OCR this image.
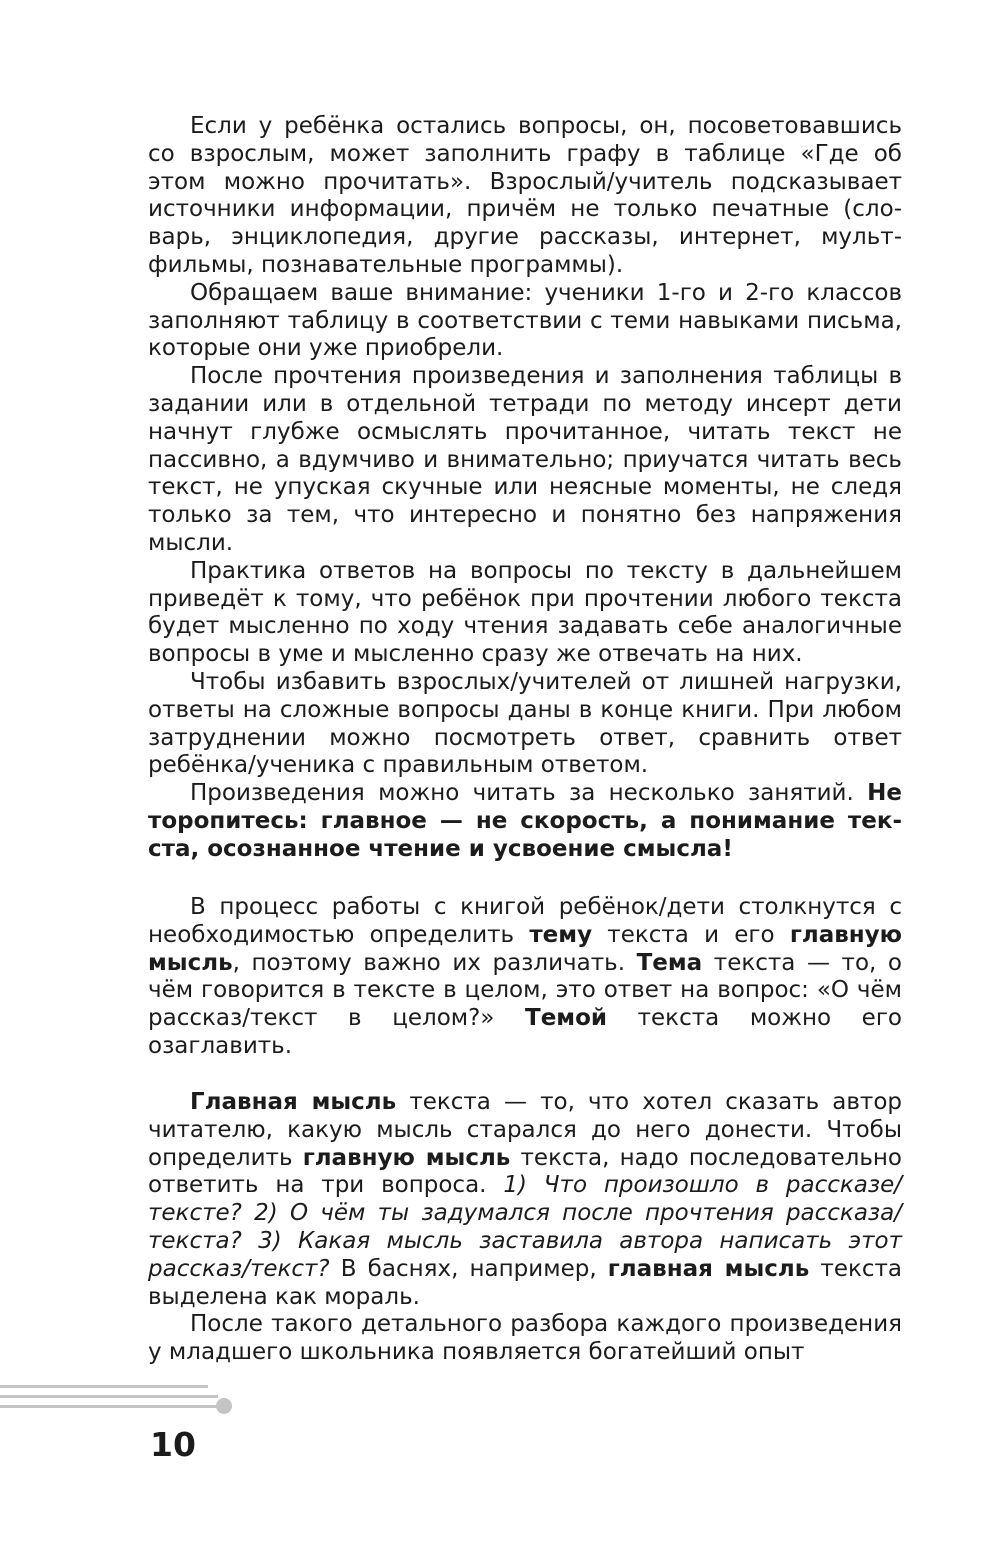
Если у ребёнка остались вопросы, он, посоветовавшись со взрослым, может заполнить графу в таблице «Где об этом можно прочитать». Взрослый/учитель подсказывает источники информации, причём не только печатные (словарь, энциклопедия, другие рассказы, интернет, мультфильмы, познавательные программы).

Обращаем ваше внимание: ученики 1-го и 2-го классов заполняют таблицу в соответствии с теми навыками письма, которые они уже приобрели.

После прочтения произведения и заполнения таблицы в задании или в отдельной тетради по методу инсерт дети начнут глубже осмыслять прочитанное, читать текст не пассивно, а вдумчиво и внимательно; приучатся читать весь текст, не упуская скучные или неясные моменты, не следя только за тем, что интересно и понятно без напряжения мысли.

Практика ответов на вопросы по тексту в дальнейшем приведёт к тому, что ребёнок при прочтении любого текста будет мысленно по ходу чтения задавать себе аналогичные вопросы в уме и мысленно сразу же отвечать на них.

Чтобы избавить взрослых/учителей от лишней нагрузки, ответы на сложные вопросы даны в конце книги. При любом затруднении можно посмотреть ответ, сравнить ответ ребёнка/ученика с правильным ответом.

Произведения можно читать за несколько занятий. Не торопитесь: главное — не скорость, а понимание текста, осознанное чтение и усвоение смысла!

В процесс работы с книгой ребёнок/дети столкнутся с необходимостью определить тему текста и его главную мысль, поэтому важно их различать. Тема текста — то, о чём говорится в тексте в целом, это ответ на вопрос: «О чём рассказ/текст в целом?» Темой текста можно его озаглавить.

Главная мысль текста — то, что хотел сказать автор читателю, какую мысль старался до него донести. Чтобы определить главную мысль текста, надо последовательно ответить на три вопроса. 1) Что произошло в рассказе/ тексте? 2) О чём ты задумался после прочтения рассказа/текста? 3) Какая мысль заставила автора написать этот рассказ/текст? В баснях, например, главная мысль текста выделена как мораль.

После такого детального разбора каждого произведения у младшего школьника появляется богатейший опыт

10
